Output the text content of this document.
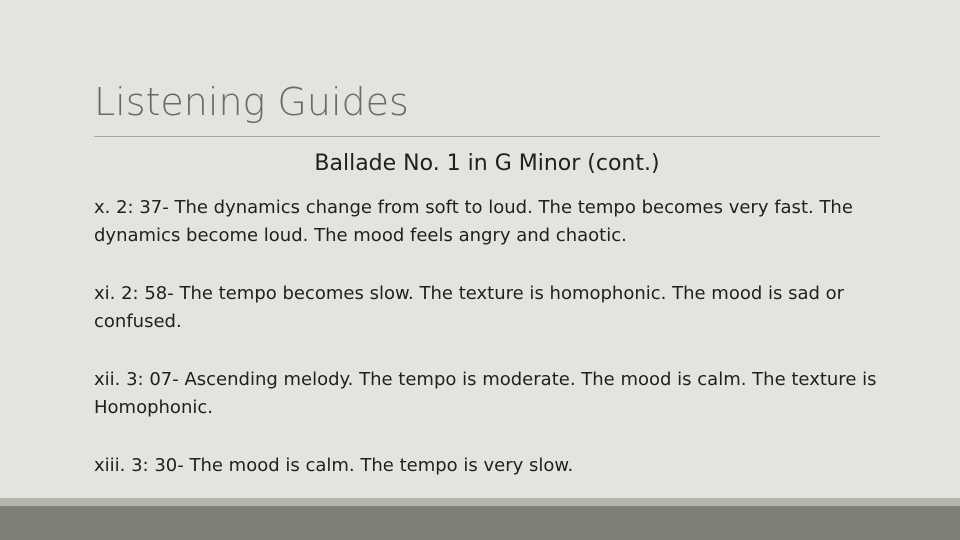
Listening Guides
Ballade No. 1 in G Minor (cont.)
x. 2: 37- The dynamics change from soft to loud. The tempo becomes very fast. The dynamics become loud. The mood feels angry and chaotic.
xi. 2: 58- The tempo becomes slow. The texture is homophonic. The mood is sad or confused.
xii. 3: 07- Ascending melody. The tempo is moderate. The mood is calm. The texture is Homophonic.
xiii. 3: 30- The mood is calm. The tempo is very slow.
